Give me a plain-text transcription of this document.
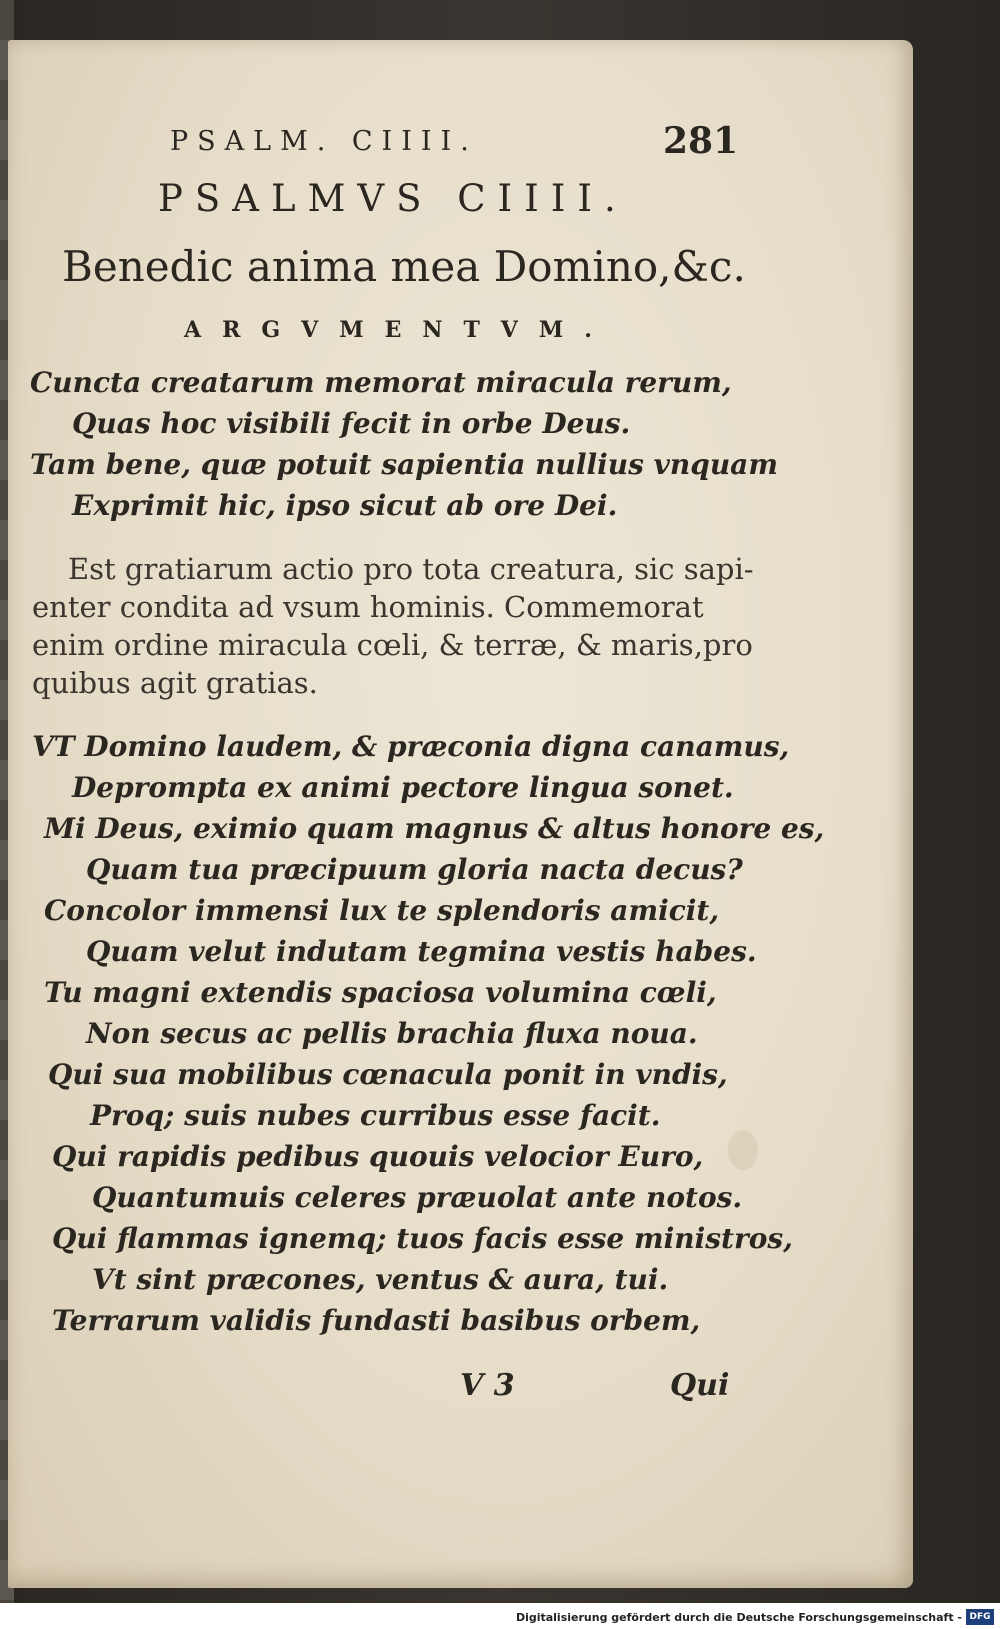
PSALM. CIIII.	281
PSALMVS CIIII.
Benedic anima mea Domino,&c.
ARGVMENTVM.
Cuncta creatarum memorat miracula rerum,
Quas hoc visibili fecit in orbe Deus.
Tam bene, quæ potuit sapientia nullius vnquam
Exprimit hic, ipso sicut ab ore Dei.
Est gratiarum actio pro tota creatura, sic sapi-
enter condita ad vsum hominis. Commemorat
enim ordine miracula cœli, & terræ, & maris,pro
quibus agit gratias.
VT Domino laudem, & præconia digna canamus,
Deprompta ex animi pectore lingua sonet.
Mi Deus, eximio quam magnus & altus honore es,
Quam tua præcipuum gloria nacta decus?
Concolor immensi lux te splendoris amicit,
Quam velut indutam tegmina vestis habes.
Tu magni extendis spaciosa volumina cœli,
Non secus ac pellis brachia fluxa noua.
Qui sua mobilibus cœnacula ponit in vndis,
Proq; suis nubes curribus esse facit.
Qui rapidis pedibus quouis velocior Euro,
Quantumuis celeres præuolat ante notos.
Qui flammas ignemq; tuos facis esse ministros,
Vt sint præcones, ventus & aura, tui.
Terrarum validis fundasti basibus orbem,
V 3	Qui
Digitalisierung gefördert durch die Deutsche Forschungsgemeinschaft - DFG
